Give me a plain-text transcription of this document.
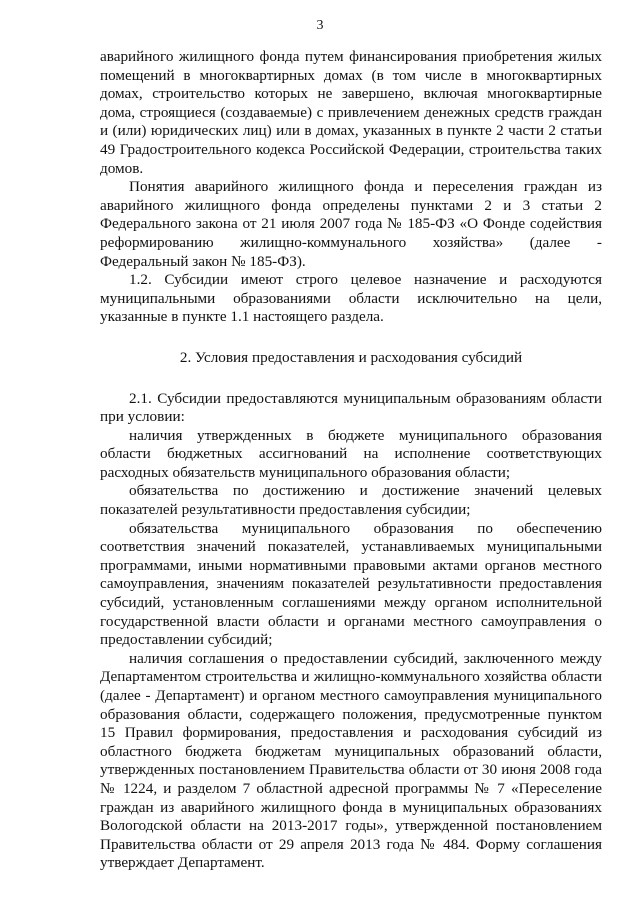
3

аварийного жилищного фонда путем финансирования приобретения жилых помещений в многоквартирных домах (в том числе в многоквартирных домах, строительство которых не завершено, включая многоквартирные дома, строящиеся (создаваемые) с привлечением денежных средств граждан и (или) юридических лиц) или в домах, указанных в пункте 2 части 2 статьи 49 Градостроительного кодекса Российской Федерации, строительства таких домов.

Понятия аварийного жилищного фонда и переселения граждан из аварийного жилищного фонда определены пунктами 2 и 3 статьи 2 Федерального закона от 21 июля 2007 года № 185-ФЗ «О Фонде содействия реформированию жилищно-коммунального хозяйства» (далее - Федеральный закон № 185-ФЗ).

1.2. Субсидии имеют строго целевое назначение и расходуются муниципальными образованиями области исключительно на цели, указанные в пункте 1.1 настоящего раздела.

2. Условия предоставления и расходования субсидий

2.1. Субсидии предоставляются муниципальным образованиям области при условии:

наличия утвержденных в бюджете муниципального образования области бюджетных ассигнований на исполнение соответствующих расходных обязательств муниципального образования области;

обязательства по достижению и достижение значений целевых показателей результативности предоставления субсидии;

обязательства муниципального образования по обеспечению соответствия значений показателей, устанавливаемых муниципальными программами, иными нормативными правовыми актами органов местного самоуправления, значениям показателей результативности предоставления субсидий, установленным соглашениями между органом исполнительной государственной власти области и органами местного самоуправления о предоставлении субсидий;

наличия соглашения о предоставлении субсидий, заключенного между Департаментом строительства и жилищно-коммунального хозяйства области (далее - Департамент) и органом местного самоуправления муниципального образования области, содержащего положения, предусмотренные пунктом 15 Правил формирования, предоставления и расходования субсидий из областного бюджета бюджетам муниципальных образований области, утвержденных постановлением Правительства области от 30 июня 2008 года № 1224, и разделом 7 областной адресной программы № 7 «Переселение граждан из аварийного жилищного фонда в муниципальных образованиях Вологодской области на 2013-2017 годы», утвержденной постановлением Правительства области от 29 апреля 2013 года № 484. Форму соглашения утверждает Департамент.
